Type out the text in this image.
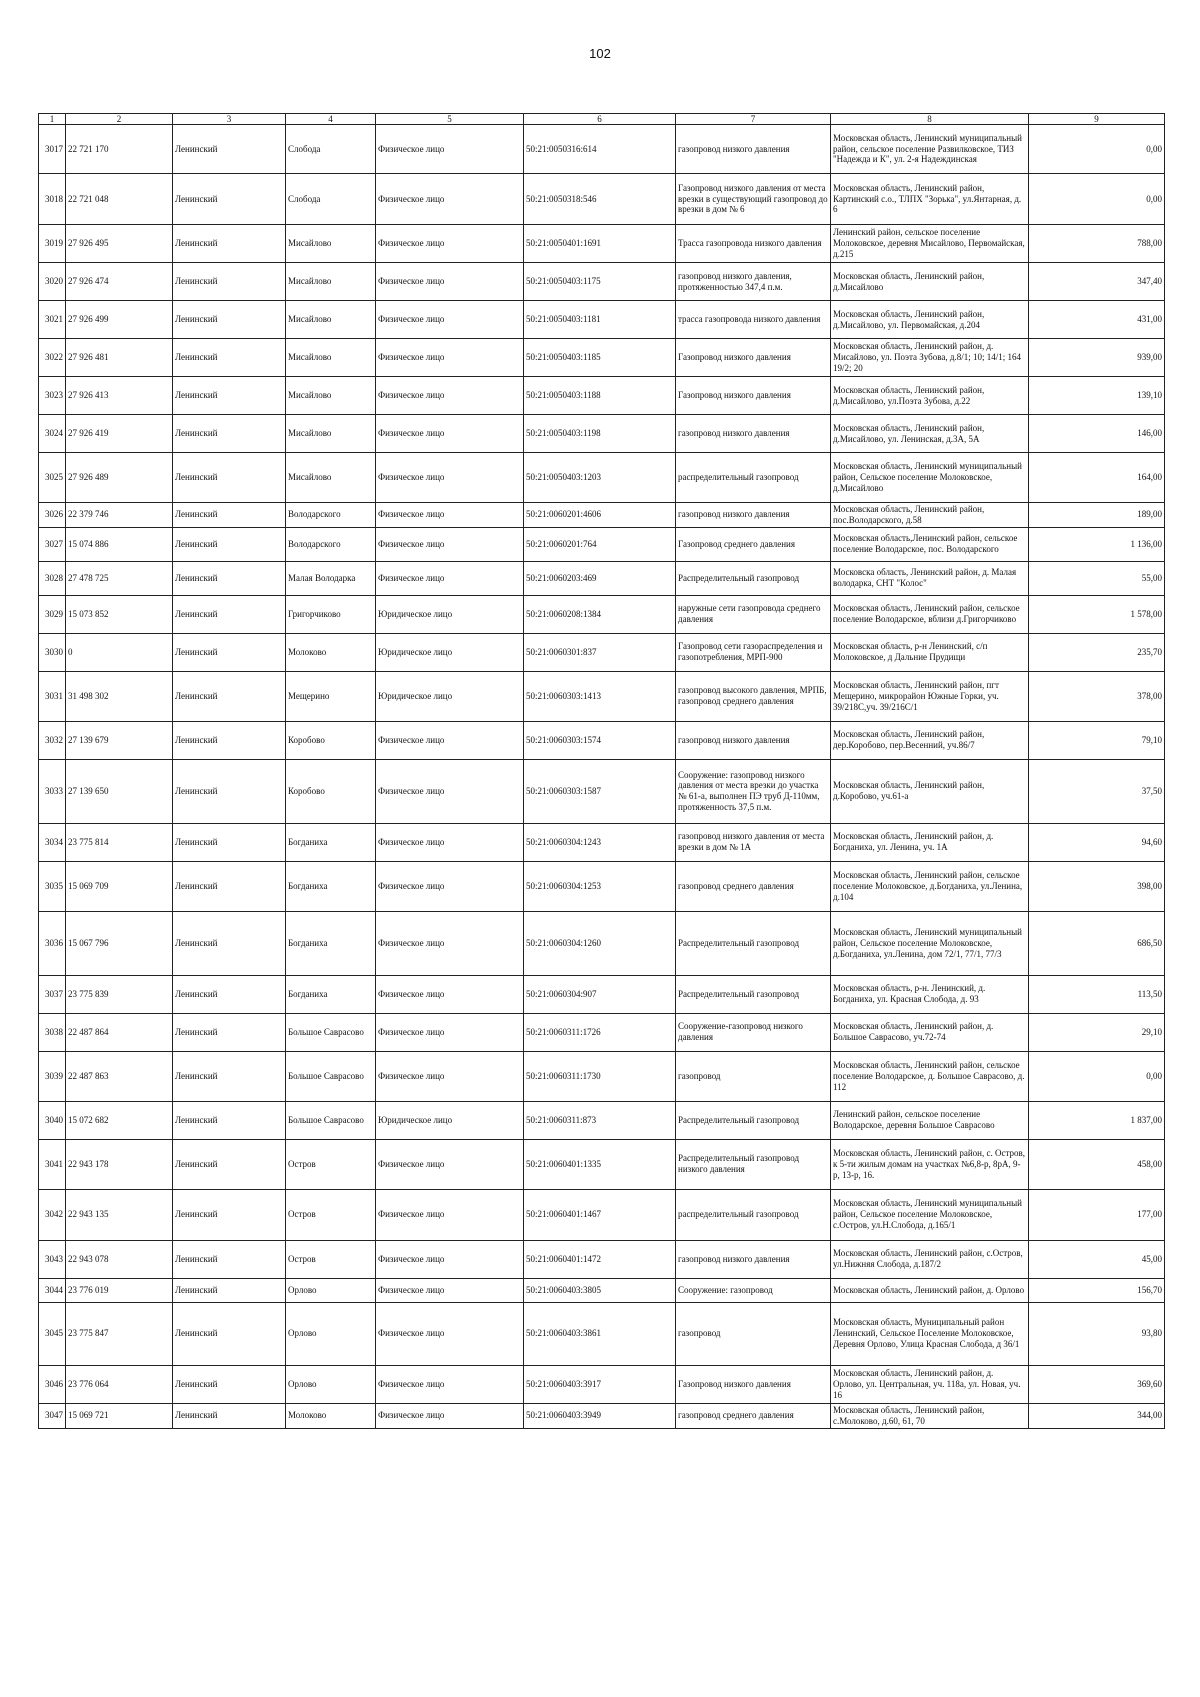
102
1	2	3	4	5	6	7	8	9
3017	22 721 170	Ленинский	Слобода	Физическое лицо	50:21:0050316:614	газопровод низкого давления	Московская область, Ленинский муниципальный район, сельское поселение Развилковское, ТИЗ "Надежда и К", ул. 2-я Надеждинская	0,00
3018	22 721 048	Ленинский	Слобода	Физическое лицо	50:21:0050318:546	Газопровод низкого давления от места врезки в существующий газопровод до врезки в дом № 6	Московская область, Ленинский район, Картинский с.о., ТЛПХ "Зорька", ул.Янтарная, д. 6	0,00
3019	27 926 495	Ленинский	Мисайлово	Физическое лицо	50:21:0050401:1691	Трасса газопровода низкого давления	Ленинский район, сельское поселение Молоковское, деревня Мисайлово, Первомайская, д.215	788,00
3020	27 926 474	Ленинский	Мисайлово	Физическое лицо	50:21:0050403:1175	газопровод низкого давления, протяженностью 347,4 п.м.	Московская область, Ленинский район, д.Мисайлово	347,40
3021	27 926 499	Ленинский	Мисайлово	Физическое лицо	50:21:0050403:1181	трасса газопровода низкого давления	Московская область, Ленинский район, д.Мисайлово, ул. Первомайская, д.204	431,00
3022	27 926 481	Ленинский	Мисайлово	Физическое лицо	50:21:0050403:1185	Газопровод низкого давления	Московская область, Ленинский район, д. Мисайлово, ул. Поэта Зубова, д.8/1; 10; 14/1; 164 19/2; 20	939,00
3023	27 926 413	Ленинский	Мисайлово	Физическое лицо	50:21:0050403:1188	Газопровод низкого давления	Московская область, Ленинский район, д.Мисайлово, ул.Поэта Зубова, д.22	139,10
3024	27 926 419	Ленинский	Мисайлово	Физическое лицо	50:21:0050403:1198	газопровод низкого давления	Московская область, Ленинский район, д.Мисайлово, ул. Ленинская, д.3А, 5А	146,00
3025	27 926 489	Ленинский	Мисайлово	Физическое лицо	50:21:0050403:1203	распределительный газопровод	Московская область, Ленинский муниципальный район, Сельское поселение Молоковское, д.Мисайлово	164,00
3026	22 379 746	Ленинский	Володарского	Физическое лицо	50:21:0060201:4606	газопровод низкого давления	Московская область, Ленинский район, пос.Володарского, д.58	189,00
3027	15 074 886	Ленинский	Володарского	Физическое лицо	50:21:0060201:764	Газопровод среднего давления	Московская область,Ленинский район, сельское поселение Володарское, пос. Володарского	1 136,00
3028	27 478 725	Ленинский	Малая Володарка	Физическое лицо	50:21:0060203:469	Распределительный газопровод	Московска область, Ленинский район, д. Малая володарка, СНТ "Колос"	55,00
3029	15 073 852	Ленинский	Григорчиково	Юридическое лицо	50:21:0060208:1384	наружные сети газопровода среднего давления	Московская область, Ленинский район, сельское поселение Володарское, вблизи д.Григорчиково	1 578,00
3030	0	Ленинский	Молоково	Юридическое лицо	50:21:0060301:837	Газопровод сети газораспределения и газопотребления, МРП-900	Московская область, р-н Ленинский, с/п Молоковское, д Дальние Прудищи	235,70
3031	31 498 302	Ленинский	Мещерино	Юридическое лицо	50:21:0060303:1413	газопровод высокого давления, МРПБ, газопровод среднего давления	Московская область, Ленинский район, пгт Мещерино, микрорайон Южные Горки, уч. 39/218С,уч. 39/216С/1	378,00
3032	27 139 679	Ленинский	Коробово	Физическое лицо	50:21:0060303:1574	газопровод низкого давления	Московская область, Ленинский район, дер.Коробово, пер.Весенний, уч.86/7	79,10
3033	27 139 650	Ленинский	Коробово	Физическое лицо	50:21:0060303:1587	Сооружение: газопровод низкого давления от места врезки до участка № 61-а, выполнен ПЭ труб Д-110мм, протяженность 37,5 п.м.	Московская область, Ленинский район, д.Коробово, уч.61-а	37,50
3034	23 775 814	Ленинский	Богданиха	Физическое лицо	50:21:0060304:1243	газопровод низкого давления от места врезки в дом № 1А	Московская область, Ленинский район, д. Богданиха, ул. Ленина, уч. 1А	94,60
3035	15 069 709	Ленинский	Богданиха	Физическое лицо	50:21:0060304:1253	газопровод среднего давления	Московская область, Ленинский район, сельское поселение Молоковское, д.Богданиха, ул.Ленина, д.104	398,00
3036	15 067 796	Ленинский	Богданиха	Физическое лицо	50:21:0060304:1260	Распределительный газопровод	Московская область, Ленинский муниципальный район, Сельское поселение Молоковское, д.Богданиха, ул.Ленина, дом 72/1, 77/1, 77/3	686,50
3037	23 775 839	Ленинский	Богданиха	Физическое лицо	50:21:0060304:907	Распределительный газопровод	Московская область, р-н. Ленинский, д. Богданиха, ул. Красная Слобода, д. 93	113,50
3038	22 487 864	Ленинский	Большое Саврасово	Физическое лицо	50:21:0060311:1726	Сооружение-газопровод низкого давления	Московская область, Ленинский район, д. Большое Саврасово, уч.72-74	29,10
3039	22 487 863	Ленинский	Большое Саврасово	Физическое лицо	50:21:0060311:1730	газопровод	Московская область, Ленинский район, сельское поселение Володарское, д. Большое Саврасово, д. 112	0,00
3040	15 072 682	Ленинский	Большое Саврасово	Юридическое лицо	50:21:0060311:873	Распределительный газопровод	Ленинский район, сельское поселение Володарское, деревня Большое Саврасово	1 837,00
3041	22 943 178	Ленинский	Остров	Физическое лицо	50:21:0060401:1335	Распределительный газопровод низкого давления	Московская область, Ленинский район, с. Остров, к 5-ти жилым домам на участках №6,8-р, 8рА, 9-р, 13-р, 16.	458,00
3042	22 943 135	Ленинский	Остров	Физическое лицо	50:21:0060401:1467	распределительный газопровод	Московская область, Ленинский муниципальный район, Сельское поселение Молоковское, с.Остров, ул.Н.Слобода, д.165/1	177,00
3043	22 943 078	Ленинский	Остров	Физическое лицо	50:21:0060401:1472	газопровод низкого давления	Московская область, Ленинский район, с.Остров, ул.Нижняя Слобода, д.187/2	45,00
3044	23 776 019	Ленинский	Орлово	Физическое лицо	50:21:0060403:3805	Сооружение: газопровод	Московская область, Ленинский район, д. Орлово	156,70
3045	23 775 847	Ленинский	Орлово	Физическое лицо	50:21:0060403:3861	газопровод	Московская область, Муниципальный район Ленинский, Сельское Поселение Молоковское, Деревня Орлово, Улица Красная Слобода, д 36/1	93,80
3046	23 776 064	Ленинский	Орлово	Физическое лицо	50:21:0060403:3917	Газопровод низкого давления	Московская область, Ленинский район, д. Орлово, ул. Центральная, уч. 118а, ул. Новая, уч. 16	369,60
3047	15 069 721	Ленинский	Молоково	Физическое лицо	50:21:0060403:3949	газопровод среднего давления	Московская область, Ленинский район, с.Молоково, д.60, 61, 70	344,00
